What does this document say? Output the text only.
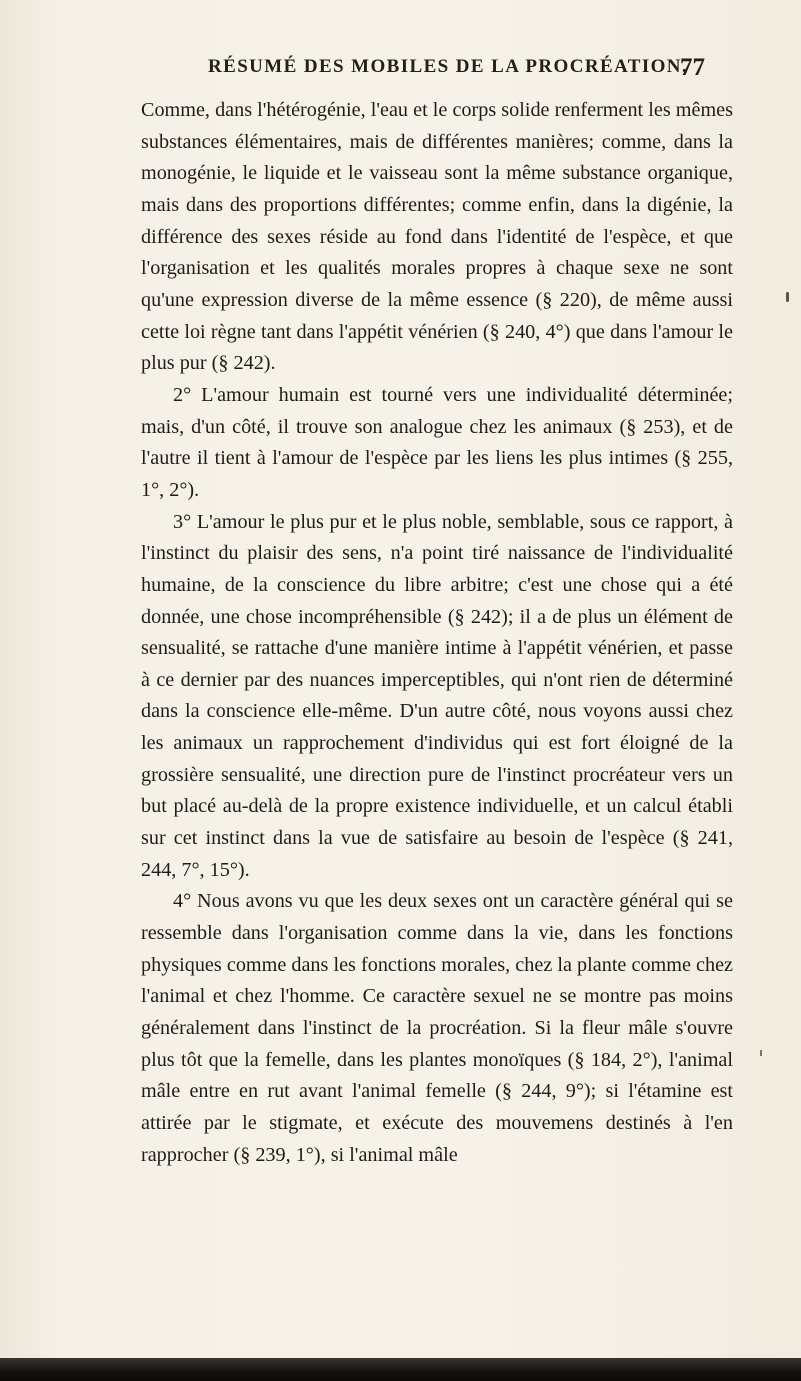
RÉSUMÉ DES MOBILES DE LA PROCRÉATION.
77

Comme, dans l'hétérogénie, l'eau et le corps solide renferment les mêmes substances élémentaires, mais de différentes manières; comme, dans la monogénie, le liquide et le vaisseau sont la même substance organique, mais dans des proportions différentes; comme enfin, dans la digénie, la différence des sexes réside au fond dans l'identité de l'espèce, et que l'organisation et les qualités morales propres à chaque sexe ne sont qu'une expression diverse de la même essence (§ 220), de même aussi cette loi règne tant dans l'appétit vénérien (§ 240, 4°) que dans l'amour le plus pur (§ 242).

2° L'amour humain est tourné vers une individualité déterminée; mais, d'un côté, il trouve son analogue chez les animaux (§ 253), et de l'autre il tient à l'amour de l'espèce par les liens les plus intimes (§ 255, 1°, 2°).

3° L'amour le plus pur et le plus noble, semblable, sous ce rapport, à l'instinct du plaisir des sens, n'a point tiré naissance de l'individualité humaine, de la conscience du libre arbitre; c'est une chose qui a été donnée, une chose incompréhensible (§ 242); il a de plus un élément de sensualité, se rattache d'une manière intime à l'appétit vénérien, et passe à ce dernier par des nuances imperceptibles, qui n'ont rien de déterminé dans la conscience elle-même. D'un autre côté, nous voyons aussi chez les animaux un rapprochement d'individus qui est fort éloigné de la grossière sensualité, une direction pure de l'instinct procréateur vers un but placé au-delà de la propre existence individuelle, et un calcul établi sur cet instinct dans la vue de satisfaire au besoin de l'espèce (§ 241, 244, 7°, 15°).

4° Nous avons vu que les deux sexes ont un caractère général qui se ressemble dans l'organisation comme dans la vie, dans les fonctions physiques comme dans les fonctions morales, chez la plante comme chez l'animal et chez l'homme. Ce caractère sexuel ne se montre pas moins généralement dans l'instinct de la procréation. Si la fleur mâle s'ouvre plus tôt que la femelle, dans les plantes monoïques (§ 184, 2°), l'animal mâle entre en rut avant l'animal femelle (§ 244, 9°); si l'étamine est attirée par le stigmate, et exécute des mouvemens destinés à l'en rapprocher (§ 239, 1°), si l'animal mâle
